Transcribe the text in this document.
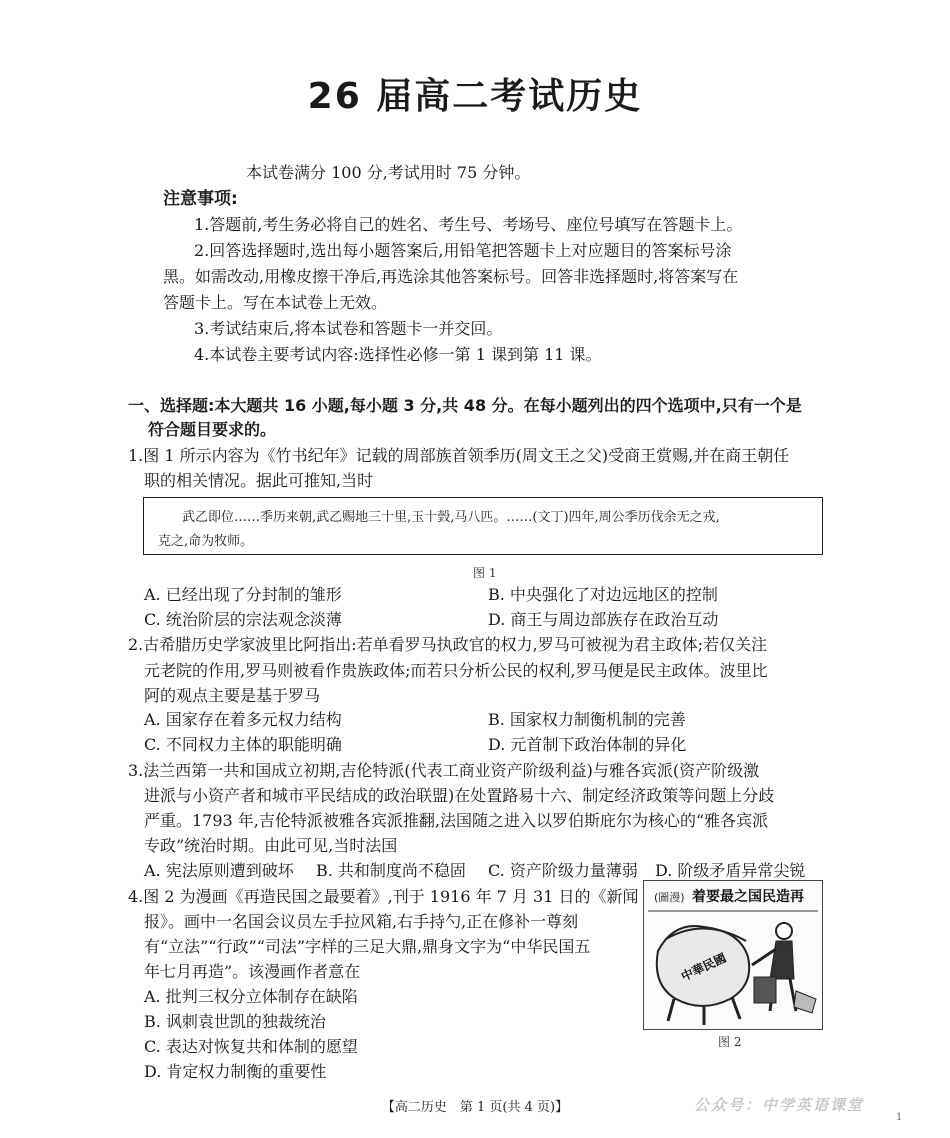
26 届高二考试历史
本试卷满分 100 分,考试用时 75 分钟。
注意事项:
1.答题前,考生务必将自己的姓名、考生号、考场号、座位号填写在答题卡上。
2.回答选择题时,选出每小题答案后,用铅笔把答题卡上对应题目的答案标号涂
黑。如需改动,用橡皮擦干净后,再选涂其他答案标号。回答非选择题时,将答案写在
答题卡上。写在本试卷上无效。
3.考试结束后,将本试卷和答题卡一并交回。
4.本试卷主要考试内容:选择性必修一第 1 课到第 11 课。
一、选择题:本大题共 16 小题,每小题 3 分,共 48 分。在每小题列出的四个选项中,只有一个是
符合题目要求的。
1.图 1 所示内容为《竹书纪年》记载的周部族首领季历(周文王之父)受商王赏赐,并在商王朝任
职的相关情况。据此可推知,当时

武乙即位……季历来朝,武乙赐地三十里,玉十瑴,马八匹。……(文丁)四年,周公季历伐余无之戎,

克之,命为牧师。

图 1
A. 已经出现了分封制的雏形	B. 中央强化了对边远地区的控制
C. 统治阶层的宗法观念淡薄	D. 商王与周边部族存在政治互动
2.古希腊历史学家波里比阿指出:若单看罗马执政官的权力,罗马可被视为君主政体;若仅关注
元老院的作用,罗马则被看作贵族政体;而若只分析公民的权利,罗马便是民主政体。波里比
阿的观点主要是基于罗马
A. 国家存在着多元权力结构	B. 国家权力制衡机制的完善
C. 不同权力主体的职能明确	D. 元首制下政治体制的异化
3.法兰西第一共和国成立初期,吉伦特派(代表工商业资产阶级利益)与雅各宾派(资产阶级激
进派与小资产者和城市平民结成的政治联盟)在处置路易十六、制定经济政策等问题上分歧
严重。1793 年,吉伦特派被雅各宾派推翻,法国随之进入以罗伯斯庇尔为核心的“雅各宾派
专政”统治时期。由此可见,当时法国
A. 宪法原则遭到破坏 B. 共和制度尚不稳固 C. 资产阶级力量薄弱 D. 阶级矛盾异常尖锐
4.图 2 为漫画《再造民国之最要着》,刊于 1916 年 7 月 31 日的《新闻
报》。画中一名国会议员左手拉风箱,右手持勺,正在修补一尊刻
有“立法”“行政”“司法”字样的三足大鼎,鼎身文字为“中华民国五
年七月再造”。该漫画作者意在
A. 批判三权分立体制存在缺陷
B. 讽刺袁世凯的独裁统治
C. 表达对恢复共和体制的愿望
D. 肯定权力制衡的重要性
(圖漫) 着要最之国民造再
中華民國
图 2
【高二历史　第 1 页(共 4 页)】	公众号：中学英语课堂
1
